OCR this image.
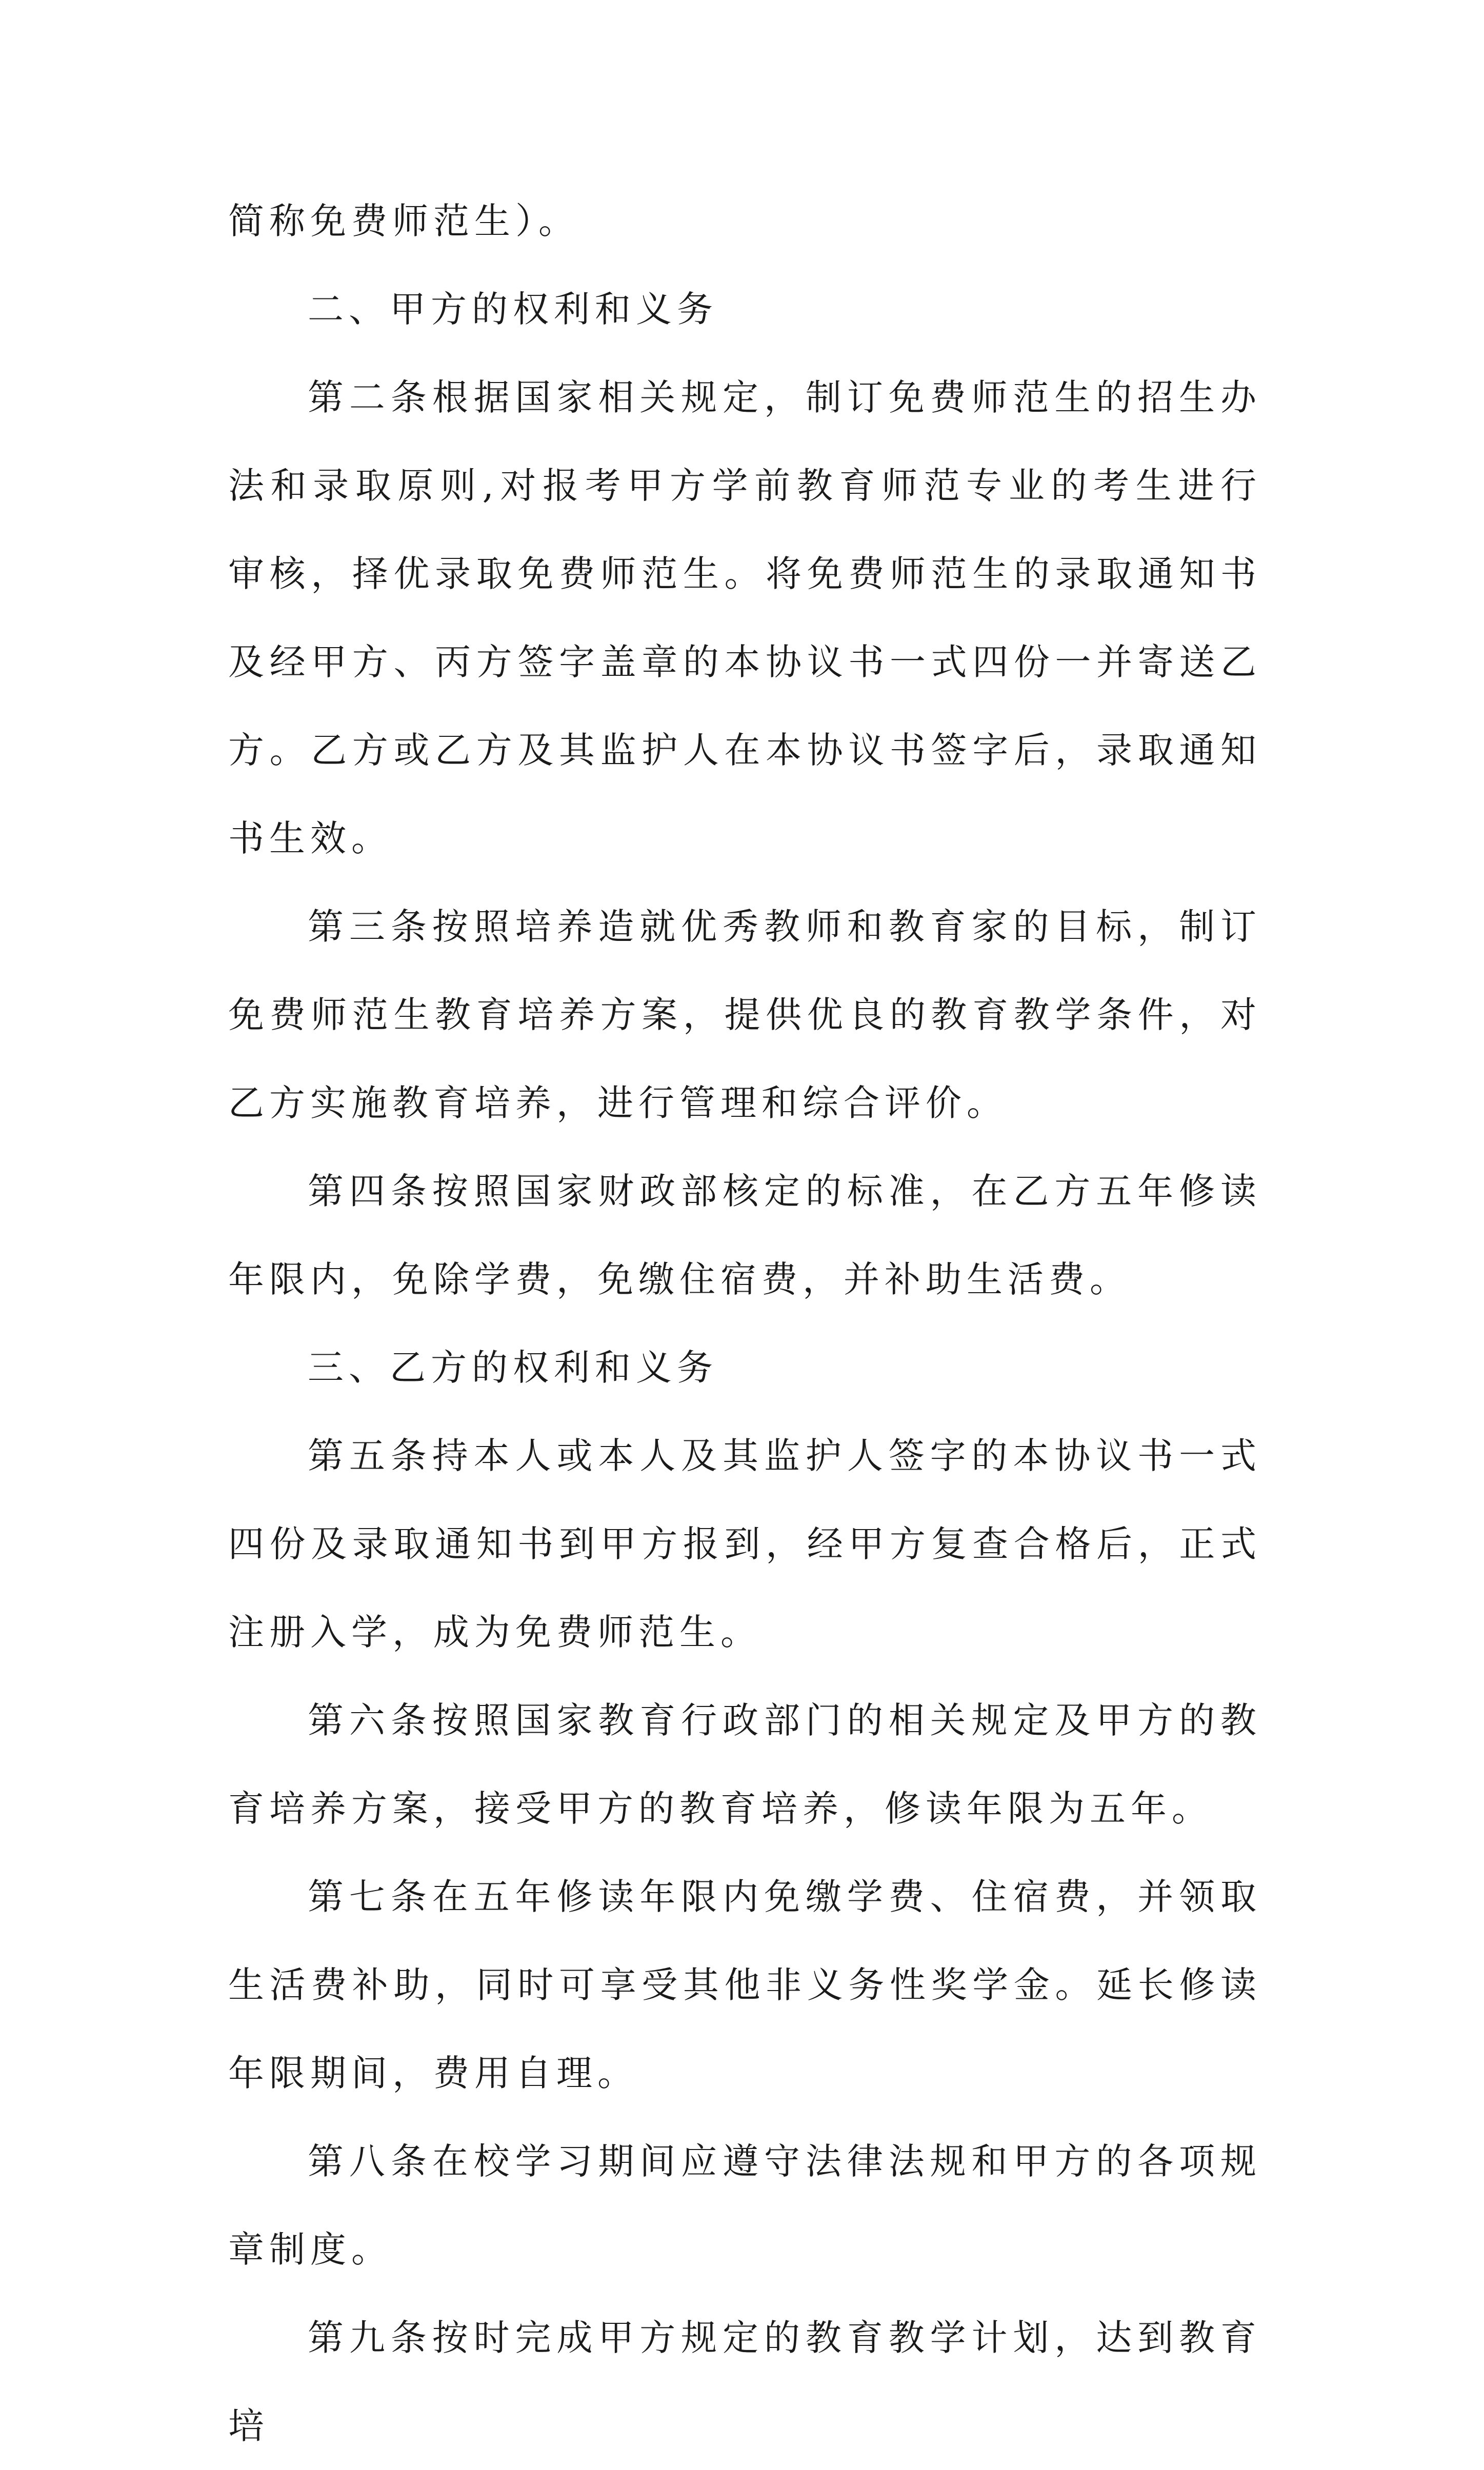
简称免费师范生）。

二、甲方的权利和义务

第二条根据国家相关规定，制订免费师范生的招生办法和录取原则,对报考甲方学前教育师范专业的考生进行审核，择优录取免费师范生。将免费师范生的录取通知书及经甲方、丙方签字盖章的本协议书一式四份一并寄送乙方。乙方或乙方及其监护人在本协议书签字后，录取通知书生效。

第三条按照培养造就优秀教师和教育家的目标，制订免费师范生教育培养方案，提供优良的教育教学条件，对乙方实施教育培养，进行管理和综合评价。

第四条按照国家财政部核定的标准，在乙方五年修读年限内，免除学费，免缴住宿费，并补助生活费。

三、乙方的权利和义务

第五条持本人或本人及其监护人签字的本协议书一式四份及录取通知书到甲方报到，经甲方复查合格后，正式注册入学，成为免费师范生。

第六条按照国家教育行政部门的相关规定及甲方的教育培养方案，接受甲方的教育培养，修读年限为五年。

第七条在五年修读年限内免缴学费、住宿费，并领取生活费补助，同时可享受其他非义务性奖学金。延长修读年限期间，费用自理。

第八条在校学习期间应遵守法律法规和甲方的各项规章制度。

第九条按时完成甲方规定的教育教学计划，达到教育培
